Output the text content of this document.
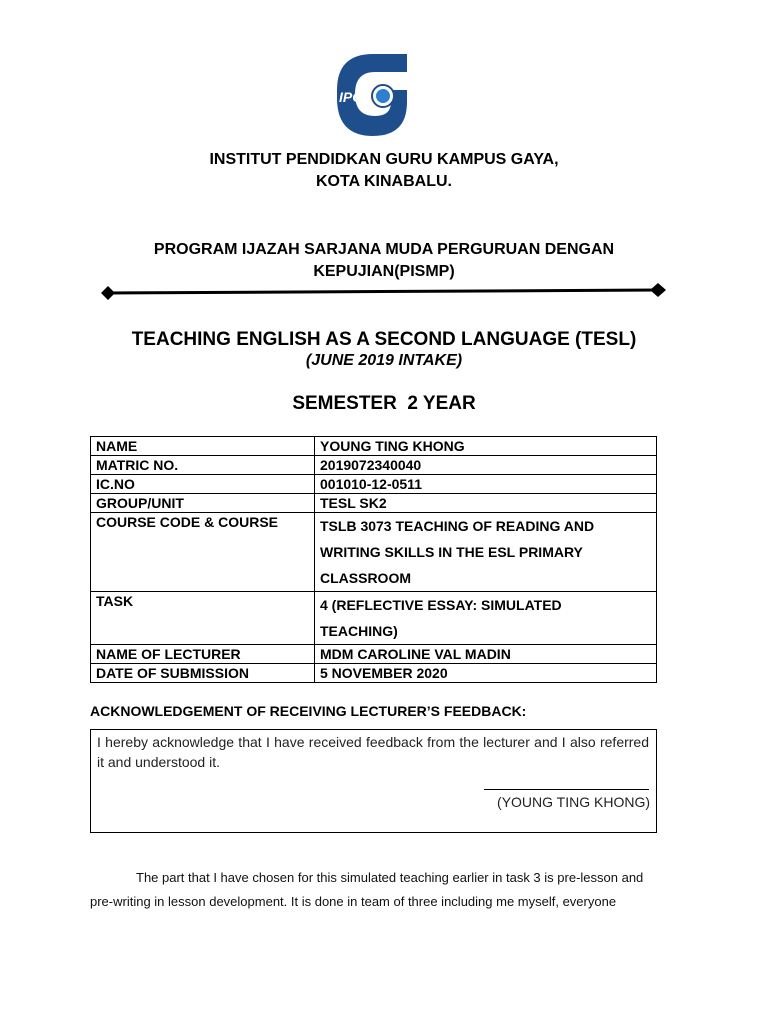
IPG
INSTITUT PENDIDKAN GURU KAMPUS GAYA,
KOTA KINABALU.
PROGRAM IJAZAH SARJANA MUDA PERGURUAN DENGAN
KEPUJIAN(PISMP)
TEACHING ENGLISH AS A SECOND LANGUAGE (TESL)
(JUNE 2019 INTAKE)
SEMESTER  2 YEAR
NAME	YOUNG TING KHONG
MATRIC NO.	2019072340040
IC.NO	001010-12-0511
GROUP/UNIT	TESL SK2
COURSE CODE & COURSE	TSLB 3073 TEACHING OF READING AND
WRITING SKILLS IN THE ESL PRIMARY
CLASSROOM

TASK	4 (REFLECTIVE ESSAY: SIMULATED
TEACHING)

NAME OF LECTURER	MDM CAROLINE VAL MADIN
DATE OF SUBMISSION	5 NOVEMBER 2020
ACKNOWLEDGEMENT OF RECEIVING LECTURER’S FEEDBACK:
I hereby acknowledge that I have received feedback from the lecturer and I also referred it and understood it.
(YOUNG TING KHONG)
The part that I have chosen for this simulated teaching earlier in task 3 is pre-lesson and
pre-writing in lesson development. It is done in team of three including me myself, everyone
